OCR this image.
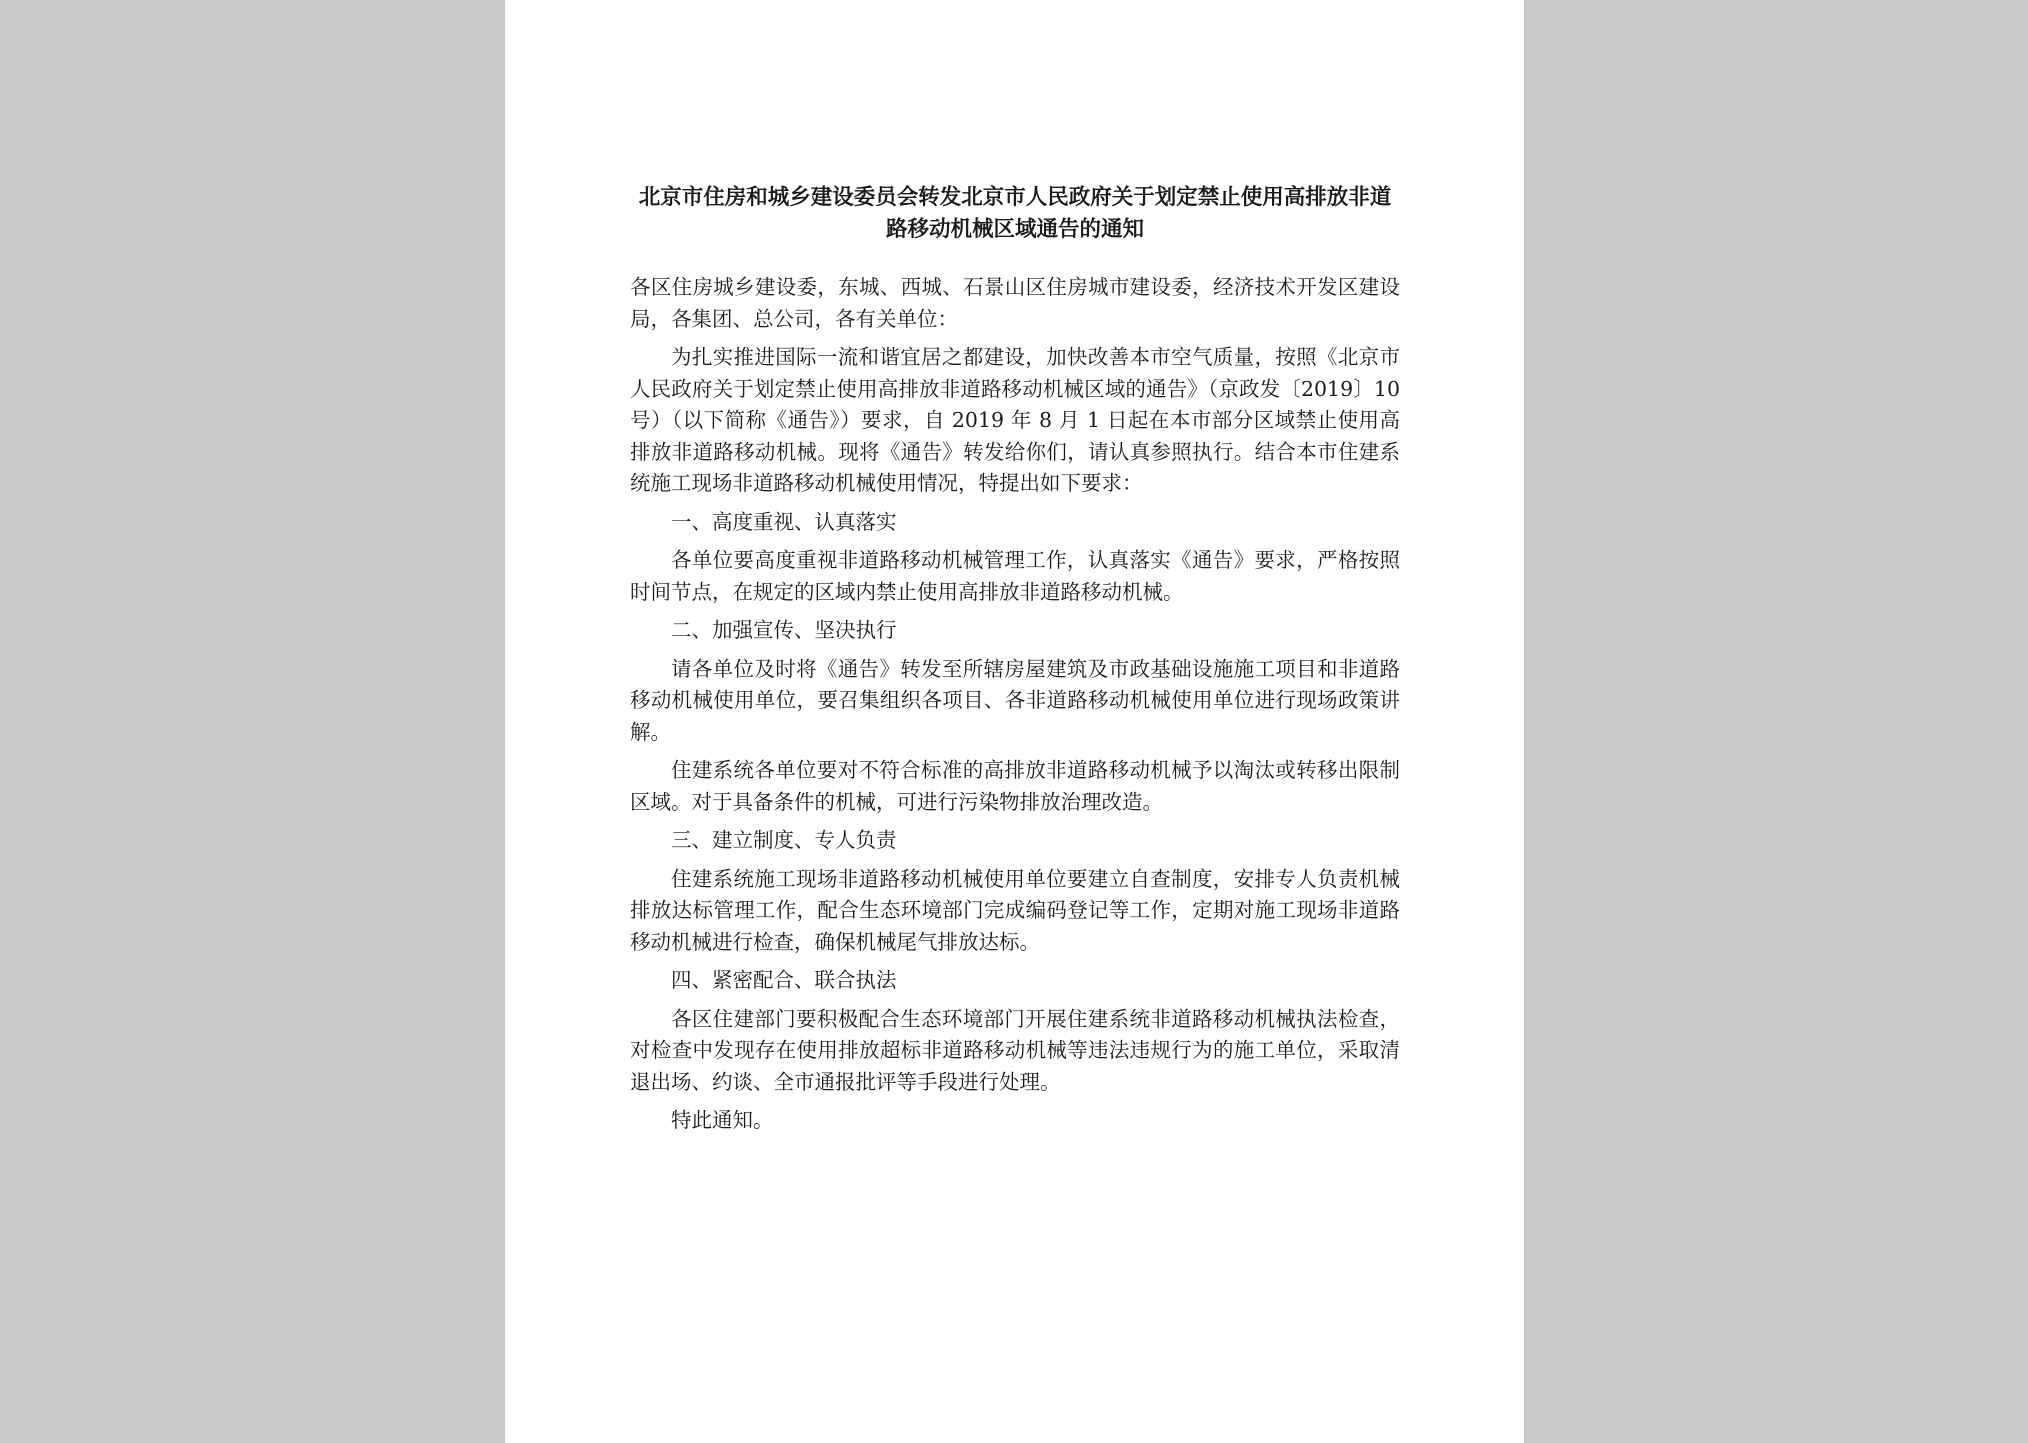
北京市住房和城乡建设委员会转发北京市人民政府关于划定禁止使用高排放非道路移动机械区域通告的通知

各区住房城乡建设委，东城、西城、石景山区住房城市建设委，经济技术开发区建设局，各集团、总公司，各有关单位：

为扎实推进国际一流和谐宜居之都建设，加快改善本市空气质量，按照《北京市人民政府关于划定禁止使用高排放非道路移动机械区域的通告》（京政发〔2019〕10 号）（以下简称《通告》）要求，自 2019 年 8 月 1 日起在本市部分区域禁止使用高排放非道路移动机械。现将《通告》转发给你们，请认真参照执行。结合本市住建系统施工现场非道路移动机械使用情况，特提出如下要求：

一、高度重视、认真落实

各单位要高度重视非道路移动机械管理工作，认真落实《通告》要求，严格按照时间节点，在规定的区域内禁止使用高排放非道路移动机械。

二、加强宣传、坚决执行

请各单位及时将《通告》转发至所辖房屋建筑及市政基础设施施工项目和非道路移动机械使用单位，要召集组织各项目、各非道路移动机械使用单位进行现场政策讲解。

住建系统各单位要对不符合标准的高排放非道路移动机械予以淘汰或转移出限制区域。对于具备条件的机械，可进行污染物排放治理改造。

三、建立制度、专人负责

住建系统施工现场非道路移动机械使用单位要建立自查制度，安排专人负责机械排放达标管理工作，配合生态环境部门完成编码登记等工作，定期对施工现场非道路移动机械进行检查，确保机械尾气排放达标。

四、紧密配合、联合执法

各区住建部门要积极配合生态环境部门开展住建系统非道路移动机械执法检查，对检查中发现存在使用排放超标非道路移动机械等违法违规行为的施工单位，采取清退出场、约谈、全市通报批评等手段进行处理。

特此通知。
